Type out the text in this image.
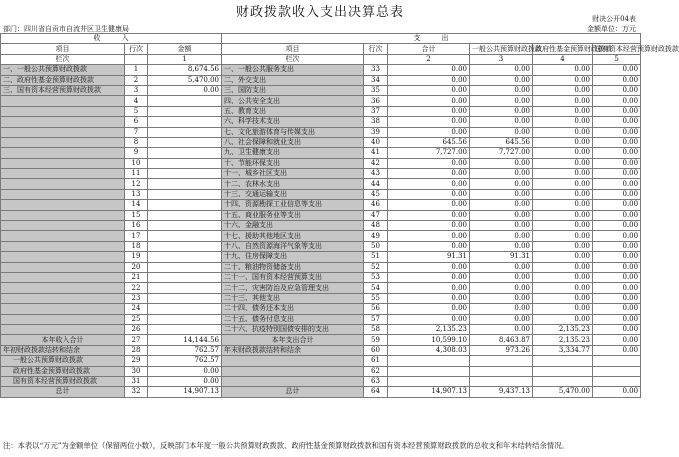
财政拨款收入支出决算总表	财决公开04表
部门：四川省自贡市自流井区卫生健康局	金额单位：万元
收　　　入			支　　　出					
项目	行次	金额	项目	行次	合计	一般公共预算财政拨款	政府性基金预算财政拨款	国有资本经营预算财政拨款
栏次		1	栏次		2	3	4	5
一、一般公共预算财政拨款	1	8,674.56	一、一般公共服务支出	33	0.00	0.00	0.00	0.00
二、政府性基金预算财政拨款	2	5,470.00	二、外交支出	34	0.00	0.00	0.00	0.00
三、国有资本经营预算财政拨款	3	0.00	三、国防支出	35	0.00	0.00	0.00	0.00
	4		四、公共安全支出	36	0.00	0.00	0.00	0.00
	5		五、教育支出	37	0.00	0.00	0.00	0.00
	6		六、科学技术支出	38	0.00	0.00	0.00	0.00
	7		七、文化旅游体育与传媒支出	39	0.00	0.00	0.00	0.00
	8		八、社会保障和就业支出	40	645.56	645.56	0.00	0.00
	9		九、卫生健康支出	41	7,727.00	7,727.00	0.00	0.00
	10		十、节能环保支出	42	0.00	0.00	0.00	0.00
	11		十一、城乡社区支出	43	0.00	0.00	0.00	0.00
	12		十二、农林水支出	44	0.00	0.00	0.00	0.00
	13		十三、交通运输支出	45	0.00	0.00	0.00	0.00
	14		十四、资源勘探工业信息等支出	46	0.00	0.00	0.00	0.00
	15		十五、商业服务业等支出	47	0.00	0.00	0.00	0.00
	16		十六、金融支出	48	0.00	0.00	0.00	0.00
	17		十七、援助其他地区支出	49	0.00	0.00	0.00	0.00
	18		十八、自然资源海洋气象等支出	50	0.00	0.00	0.00	0.00
	19		十九、住房保障支出	51	91.31	91.31	0.00	0.00
	20		二十、粮油物资储备支出	52	0.00	0.00	0.00	0.00
	21		二十一、国有资本经营预算支出	53	0.00	0.00	0.00	0.00
	22		二十二、灾害防治及应急管理支出	54	0.00	0.00	0.00	0.00
	23		二十三、其他支出	55	0.00	0.00	0.00	0.00
	24		二十四、债务还本支出	56	0.00	0.00	0.00	0.00
	25		二十五、债务付息支出	57	0.00	0.00	0.00	0.00
	26		二十六、抗疫特别国债安排的支出	58	2,135.23	0.00	2,135.23	0.00
本年收入合计	27	14,144.56	本年支出合计	59	10,599.10	8,463.87	2,135.23	0.00
年初财政拨款结转和结余	28	762.57	年末财政拨款结转和结余	60	4,308.03	973.26	3,334.77	0.00
一般公共预算财政拨款	29	762.57		61				
政府性基金预算财政拨款	30	0.00		62				
国有资本经营预算财政拨款	31	0.00		63				
总计	32	14,907.13	总计	64	14,907.13	9,437.13	5,470.00	0.00
注：本表以“万元”为金额单位（保留两位小数），反映部门本年度一般公共预算财政拨款、政府性基金预算财政拨款和国有资本经营预算财政拨款的总收支和年末结转结余情况。
